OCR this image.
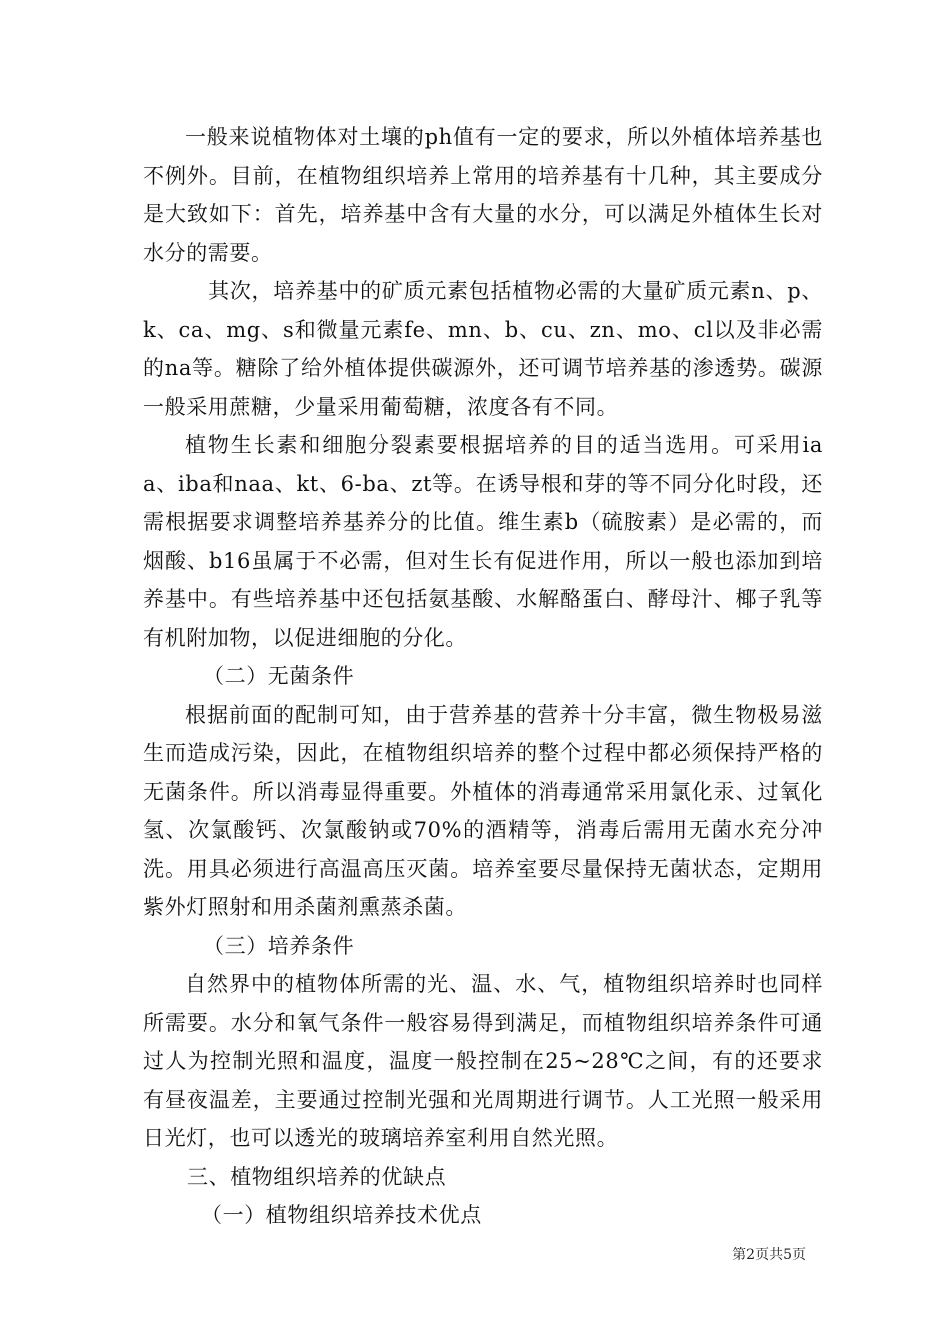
一般来说植物体对土壤的ph值有一定的要求，所以外植体培养基也不例外。目前，在植物组织培养上常用的培养基有十几种，其主要成分是大致如下：首先，培养基中含有大量的水分，可以满足外植体生长对水分的需要。

其次，培养基中的矿质元素包括植物必需的大量矿质元素n、p、k、ca、mg、s和微量元素fe、mn、b、cu、zn、mo、cl以及非必需的na等。糖除了给外植体提供碳源外，还可调节培养基的渗透势。碳源一般采用蔗糖，少量采用葡萄糖，浓度各有不同。

植物生长素和细胞分裂素要根据培养的目的适当选用。可采用iaa、iba和naa、kt、6-ba、zt等。在诱导根和芽的等不同分化时段，还需根据要求调整培养基养分的比值。维生素b（硫胺素）是必需的，而烟酸、b16虽属于不必需，但对生长有促进作用，所以一般也添加到培养基中。有些培养基中还包括氨基酸、水解酪蛋白、酵母汁、椰子乳等有机附加物，以促进细胞的分化。

（二）无菌条件

根据前面的配制可知，由于营养基的营养十分丰富，微生物极易滋生而造成污染，因此，在植物组织培养的整个过程中都必须保持严格的无菌条件。所以消毒显得重要。外植体的消毒通常采用氯化汞、过氧化氢、次氯酸钙、次氯酸钠或70%的酒精等，消毒后需用无菌水充分冲洗。用具必须进行高温高压灭菌。培养室要尽量保持无菌状态，定期用紫外灯照射和用杀菌剂熏蒸杀菌。

（三）培养条件

自然界中的植物体所需的光、温、水、气，植物组织培养时也同样所需要。水分和氧气条件一般容易得到满足，而植物组织培养条件可通过人为控制光照和温度，温度一般控制在25~28℃之间，有的还要求有昼夜温差，主要通过控制光强和光周期进行调节。人工光照一般采用日光灯，也可以透光的玻璃培养室利用自然光照。

三、植物组织培养的优缺点

（一）植物组织培养技术优点

第2页共5页
